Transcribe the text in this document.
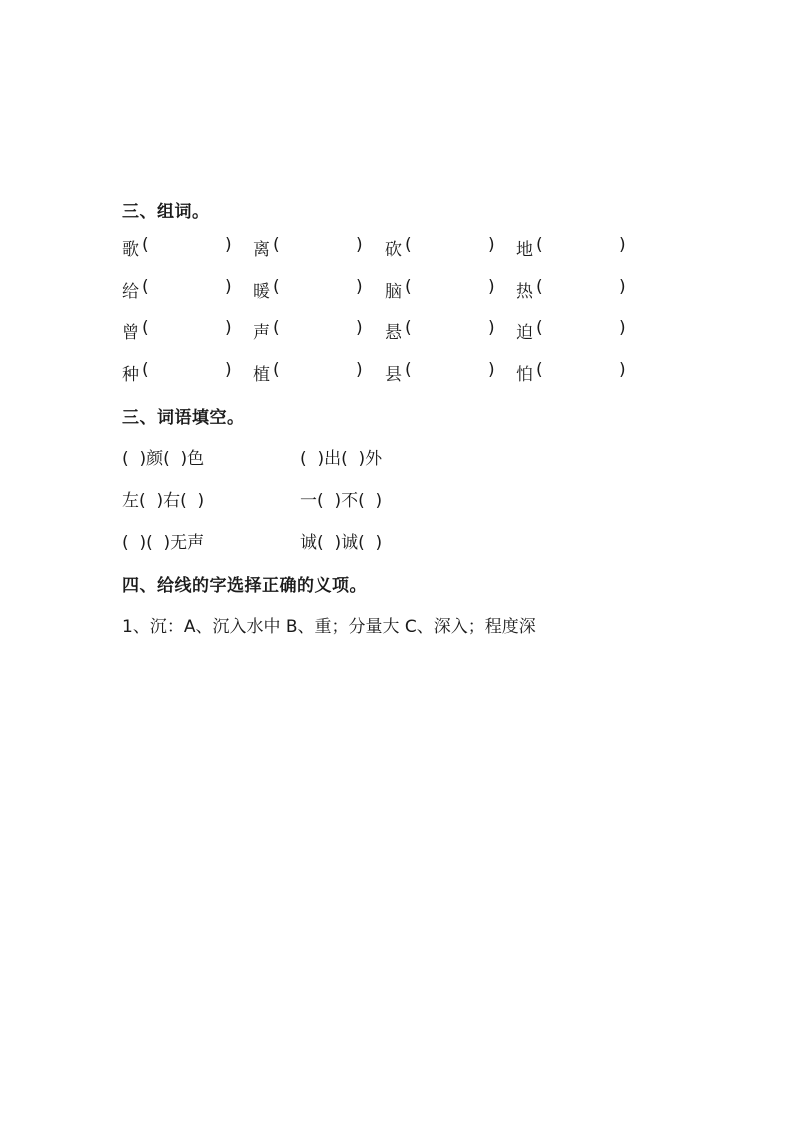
三、组词。
歌 (	) 离 (	) 砍 (	) 地 (	)
给 (	) 暖 (	) 脑 (	) 热 (	)
曾 (	) 声 (	) 悬 (	) 迫 (	)
种 (	) 植 (	) 县 (	) 怕 (	)
三、词语填空。
(  )颜(  )色	(  )出(  )外
左(  )右(  )	一(  )不(  )
(  )(  )无声	诚(  )诚(  )
四、给线的字选择正确的义项。
1、沉：A、沉入水中 B、重；分量大 C、深入；程度深
